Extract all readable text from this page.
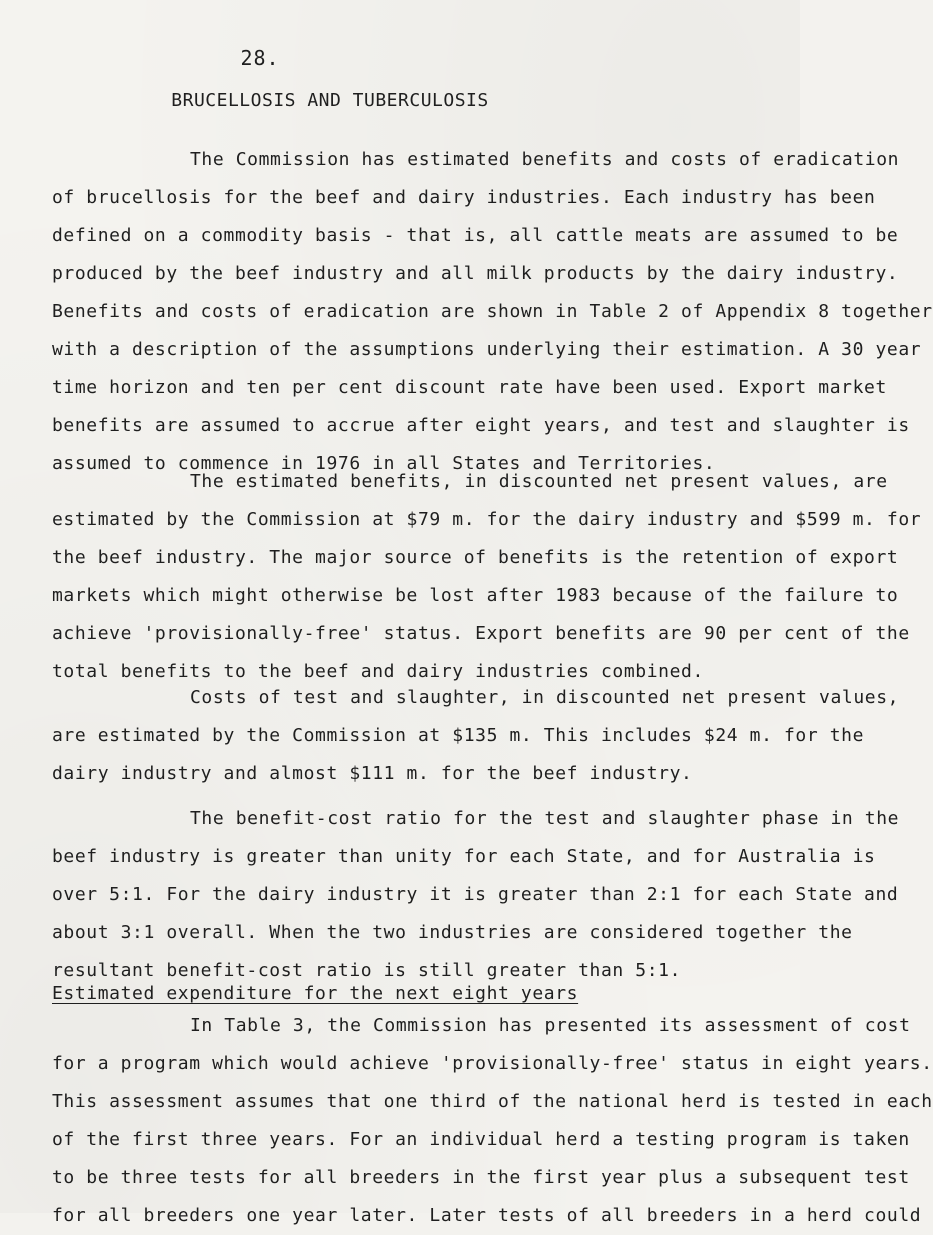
28.
BRUCELLOSIS AND TUBERCULOSIS
The Commission has estimated benefits and costs of eradication
of brucellosis for the beef and dairy industries. Each industry has been
defined on a commodity basis - that is, all cattle meats are assumed to be
produced by the beef industry and all milk products by the dairy industry.
Benefits and costs of eradication are shown in Table 2 of Appendix 8 together
with a description of the assumptions underlying their estimation. A 30 year
time horizon and ten per cent discount rate have been used. Export market
benefits are assumed to accrue after eight years, and test and slaughter is
assumed to commence in 1976 in all States and Territories.
The estimated benefits, in discounted net present values, are
estimated by the Commission at $79 m. for the dairy industry and $599 m. for
the beef industry. The major source of benefits is the retention of export
markets which might otherwise be lost after 1983 because of the failure to
achieve 'provisionally-free' status. Export benefits are 90 per cent of the
total benefits to the beef and dairy industries combined.
Costs of test and slaughter, in discounted net present values,
are estimated by the Commission at $135 m. This includes $24 m. for the
dairy industry and almost $111 m. for the beef industry.
The benefit-cost ratio for the test and slaughter phase in the
beef industry is greater than unity for each State, and for Australia is
over 5:1. For the dairy industry it is greater than 2:1 for each State and
about 3:1 overall. When the two industries are considered together the
resultant benefit-cost ratio is still greater than 5:1.
Estimated expenditure for the next eight years
In Table 3, the Commission has presented its assessment of cost
for a program which would achieve 'provisionally-free' status in eight years.
This assessment assumes that one third of the national herd is tested in each
of the first three years. For an individual herd a testing program is taken
to be three tests for all breeders in the first year plus a subsequent test
for all breeders one year later. Later tests of all breeders in a herd could
